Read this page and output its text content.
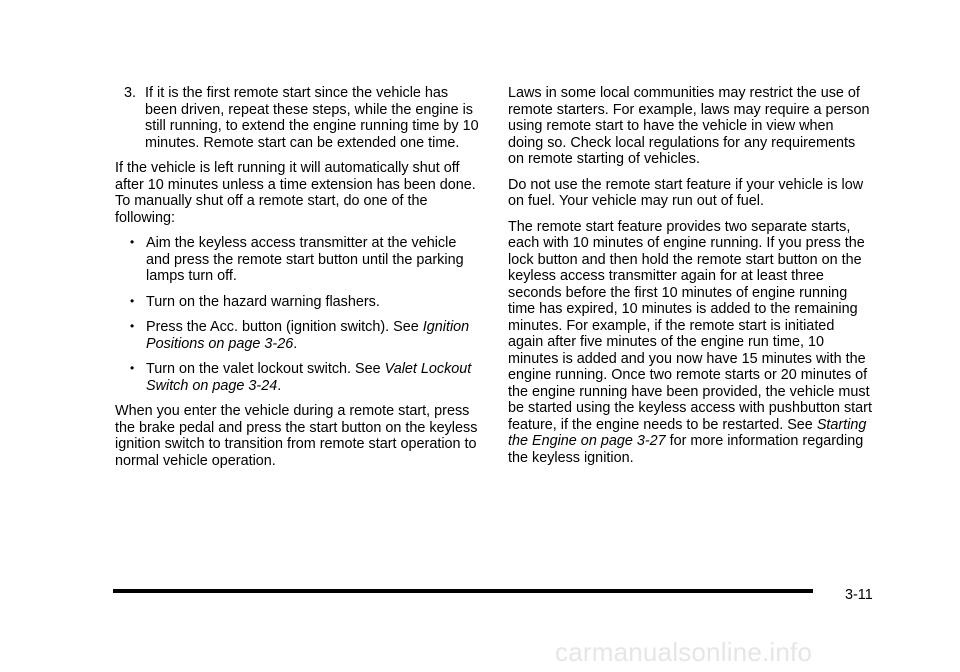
3. If it is the first remote start since the vehicle has been driven, repeat these steps, while the engine is still running, to extend the engine running time by 10 minutes. Remote start can be extended one time.

If the vehicle is left running it will automatically shut off after 10 minutes unless a time extension has been done. To manually shut off a remote start, do one of the following:

• Aim the keyless access transmitter at the vehicle and press the remote start button until the parking lamps turn off.
• Turn on the hazard warning flashers.
• Press the Acc. button (ignition switch). See Ignition Positions on page 3-26.
• Turn on the valet lockout switch. See Valet Lockout Switch on page 3-24.

When you enter the vehicle during a remote start, press the brake pedal and press the start button on the keyless ignition switch to transition from remote start operation to normal vehicle operation.

Laws in some local communities may restrict the use of remote starters. For example, laws may require a person using remote start to have the vehicle in view when doing so. Check local regulations for any requirements on remote starting of vehicles.

Do not use the remote start feature if your vehicle is low on fuel. Your vehicle may run out of fuel.

The remote start feature provides two separate starts, each with 10 minutes of engine running. If you press the lock button and then hold the remote start button on the keyless access transmitter again for at least three seconds before the first 10 minutes of engine running time has expired, 10 minutes is added to the remaining minutes. For example, if the remote start is initiated again after five minutes of the engine run time, 10 minutes is added and you now have 15 minutes with the engine running. Once two remote starts or 20 minutes of the engine running have been provided, the vehicle must be started using the keyless access with pushbutton start feature, if the engine needs to be restarted. See Starting the Engine on page 3-27 for more information regarding the keyless ignition.

3-11
carmanualsonline.info
